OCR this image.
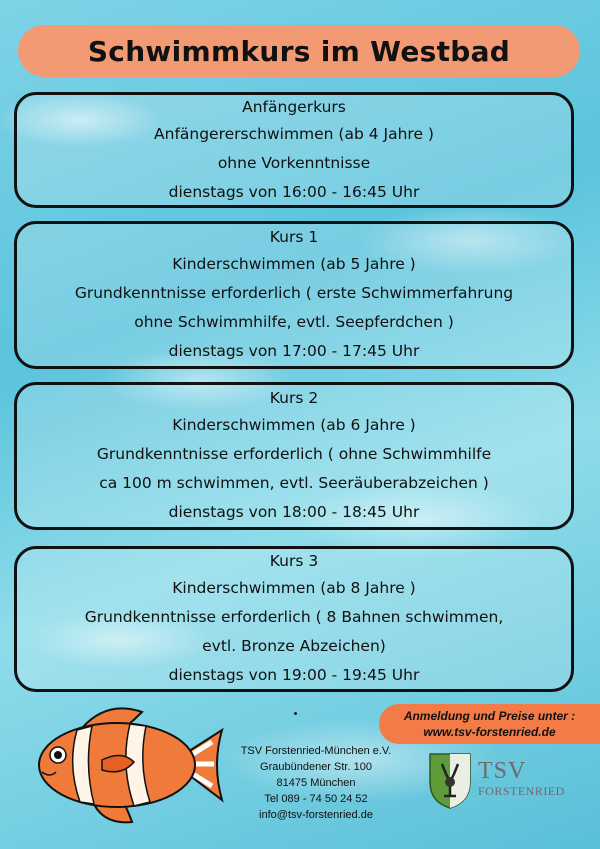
Schwimmkurs im Westbad
Anfängerkurs
Anfängererschwimmen (ab 4 Jahre )
ohne Vorkenntnisse
dienstags von 16:00 - 16:45 Uhr
Kurs 1
Kinderschwimmen (ab 5 Jahre )
Grundkenntnisse erforderlich ( erste Schwimmerfahrung
ohne Schwimmhilfe, evtl. Seepferdchen )
dienstags von 17:00 - 17:45 Uhr
Kurs 2
Kinderschwimmen (ab 6 Jahre )
Grundkenntnisse erforderlich ( ohne Schwimmhilfe
ca 100 m schwimmen, evtl. Seeräuberabzeichen )
dienstags von 18:00 - 18:45 Uhr
Kurs 3
Kinderschwimmen (ab 8 Jahre )
Grundkenntnisse erforderlich ( 8 Bahnen schwimmen,
evtl. Bronze Abzeichen)
dienstags von 19:00 - 19:45 Uhr
Anmeldung und Preise unter :
www.tsv-forstenried.de
TSV Forstenried-München e.V.
Graubündener Str. 100
81475 München
Tel 089 - 74 50 24 52
info@tsv-forstenried.de
TSV
FORSTENRIED
